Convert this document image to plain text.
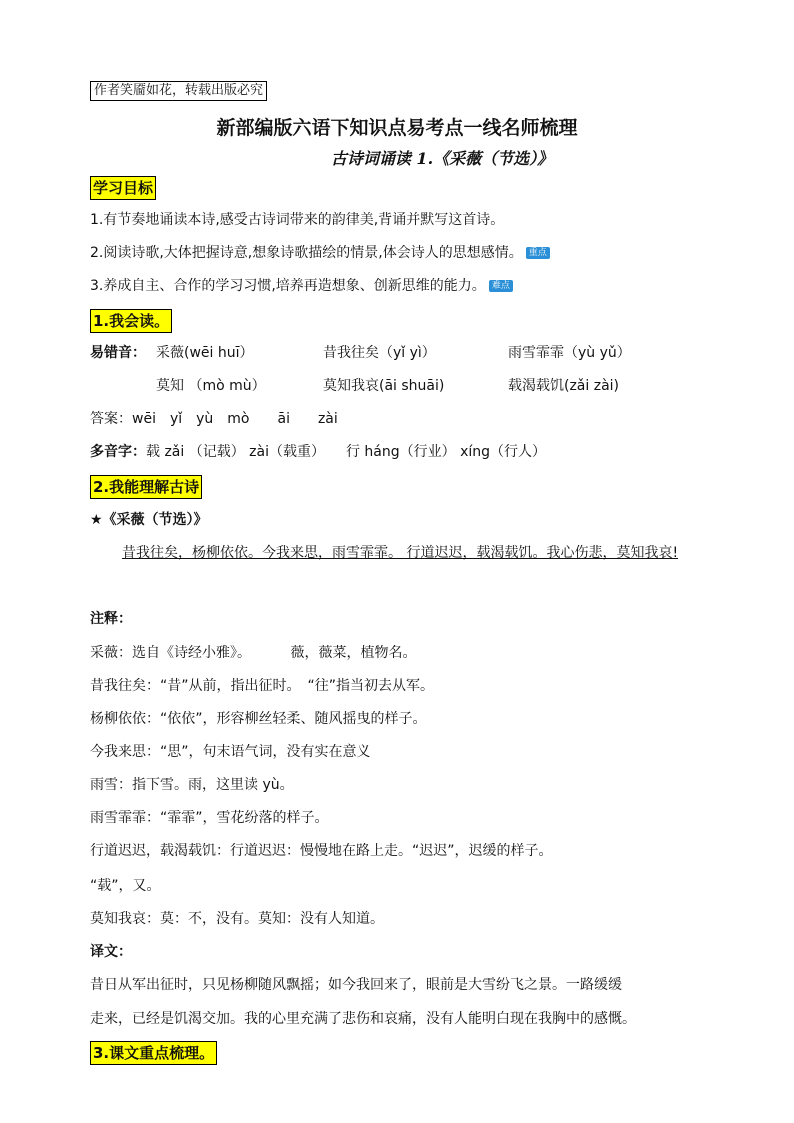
作者笑靥如花，转载出版必究
新部编版六语下知识点易考点一线名师梳理
古诗词诵读 1.《采薇（节选）》
学习目标
1.有节奏地诵读本诗,感受古诗词带来的韵律美,背诵并默写这首诗。
2.阅读诗歌,大体把握诗意,想象诗歌描绘的情景,体会诗人的思想感情。 重点
3.养成自主、合作的学习习惯,培养再造想象、创新思维的能力。 难点
1.我会读。
易错音： 采薇(wēi huī）	昔我往矣（yǐ yì）	雨雪霏霏（yù yǔ）
莫知 （mò mù）	莫知我哀(āi shuāi)	载渴载饥(zǎi zài)
答案：wēi　yǐ　yù　mò　　āi　　zài
多音字：载 zǎi （记载） zài（载重）　　行 háng（行业） xíng（行人）
2.我能理解古诗
★《采薇（节选）》
昔我往矣，杨柳依依。今我来思，雨雪霏霏。 行道迟迟，载渴载饥。我心伤悲，莫知我哀!
注释：
采薇：选自《诗经小雅》。　　　 薇，薇菜，植物名。
昔我往矣：“昔”从前，指出征时。　“往”指当初去从军。
杨柳依依：“依依”，形容柳丝轻柔、随风摇曳的样子。
今我来思：“思”，句末语气词，没有实在意义
雨雪：指下雪。雨，这里读 yù。
雨雪霏霏：“霏霏”，雪花纷落的样子。
行道迟迟，载渴载饥：行道迟迟：慢慢地在路上走。“迟迟”，迟缓的样子。
“载”，又。
莫知我哀：莫：不，没有。莫知：没有人知道。
译文：
昔日从军出征时，只见杨柳随风飘摇；如今我回来了，眼前是大雪纷飞之景。一路缓缓
走来，已经是饥渴交加。我的心里充满了悲伤和哀痛，没有人能明白现在我胸中的感慨。
3.课文重点梳理。
